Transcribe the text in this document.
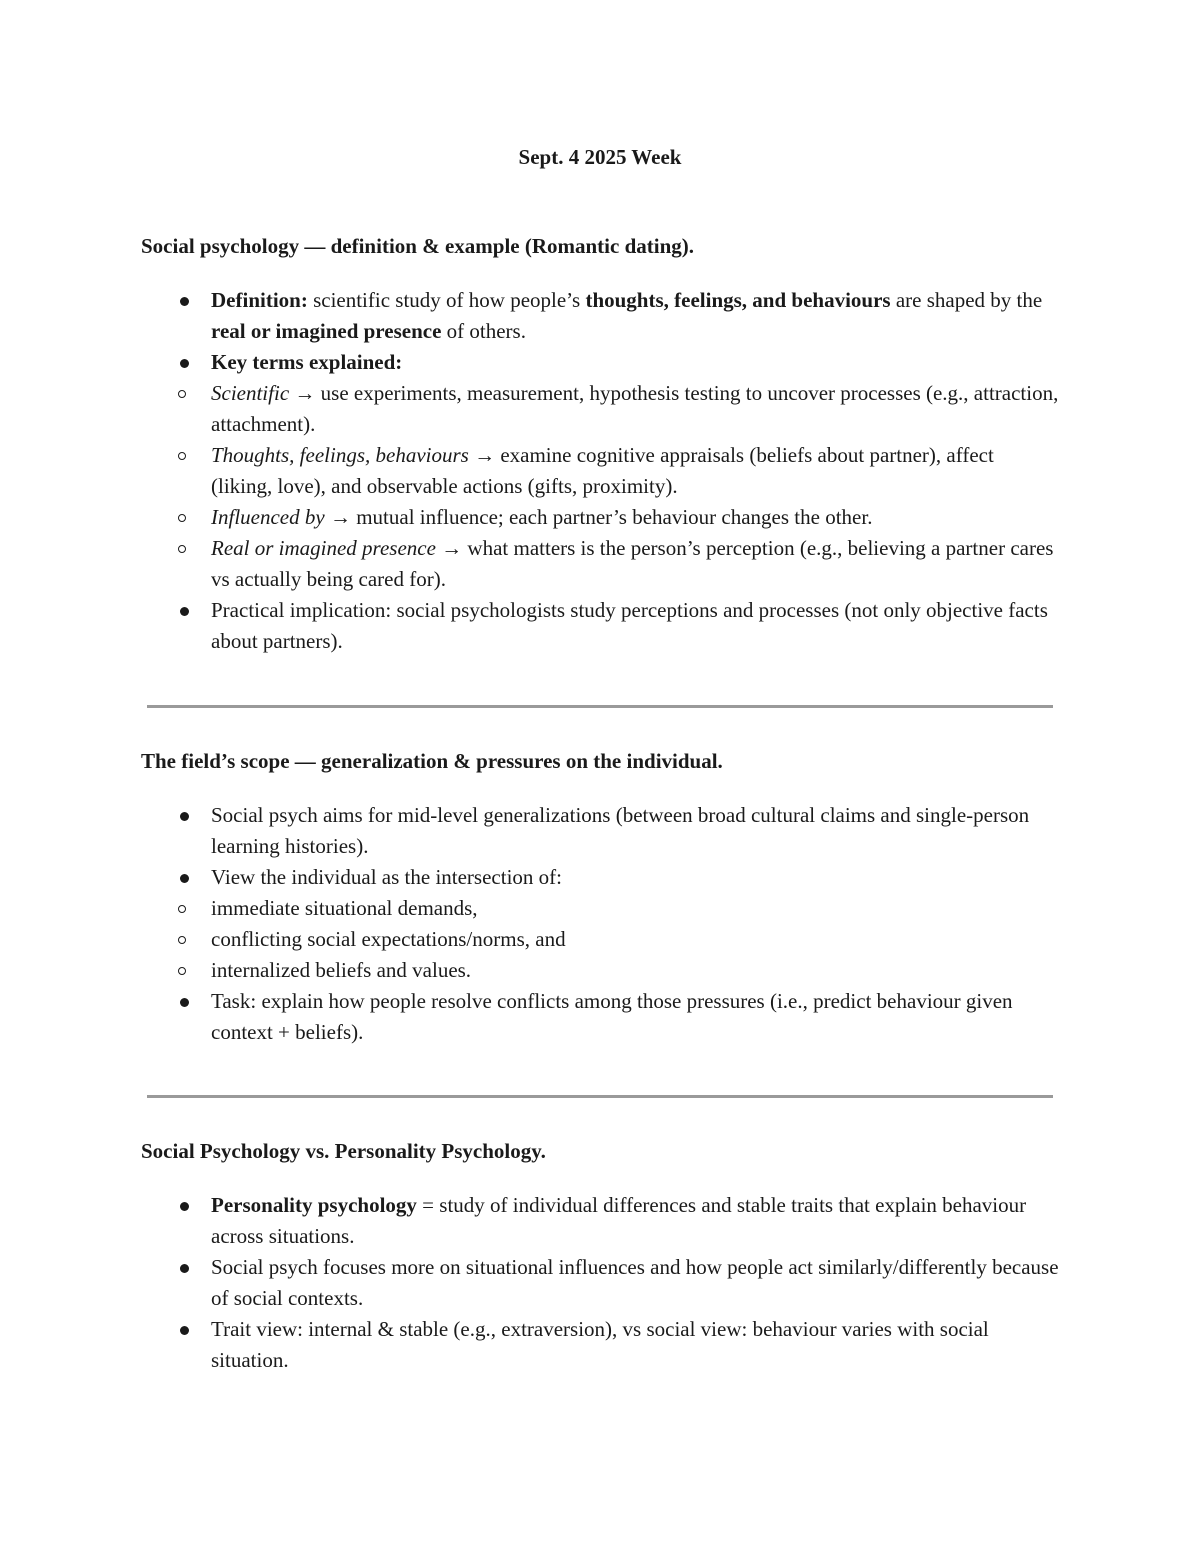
Sept. 4 2025 Week
Social psychology — definition & example (Romantic dating).
Definition: scientific study of how people’s thoughts, feelings, and behaviours are shaped by the real or imagined presence of others.
Key terms explained:
Scientific → use experiments, measurement, hypothesis testing to uncover processes (e.g., attraction, attachment).
Thoughts, feelings, behaviours → examine cognitive appraisals (beliefs about partner), affect (liking, love), and observable actions (gifts, proximity).
Influenced by → mutual influence; each partner’s behaviour changes the other.
Real or imagined presence → what matters is the person’s perception (e.g., believing a partner cares vs actually being cared for).
Practical implication: social psychologists study perceptions and processes (not only objective facts about partners).
The field’s scope — generalization & pressures on the individual.
Social psych aims for mid-level generalizations (between broad cultural claims and single-person learning histories).
View the individual as the intersection of:
immediate situational demands,
conflicting social expectations/norms, and
internalized beliefs and values.
Task: explain how people resolve conflicts among those pressures (i.e., predict behaviour given context + beliefs).
Social Psychology vs. Personality Psychology.
Personality psychology = study of individual differences and stable traits that explain behaviour across situations.
Social psych focuses more on situational influences and how people act similarly/differently because of social contexts.
Trait view: internal & stable (e.g., extraversion), vs social view: behaviour varies with social situation.
